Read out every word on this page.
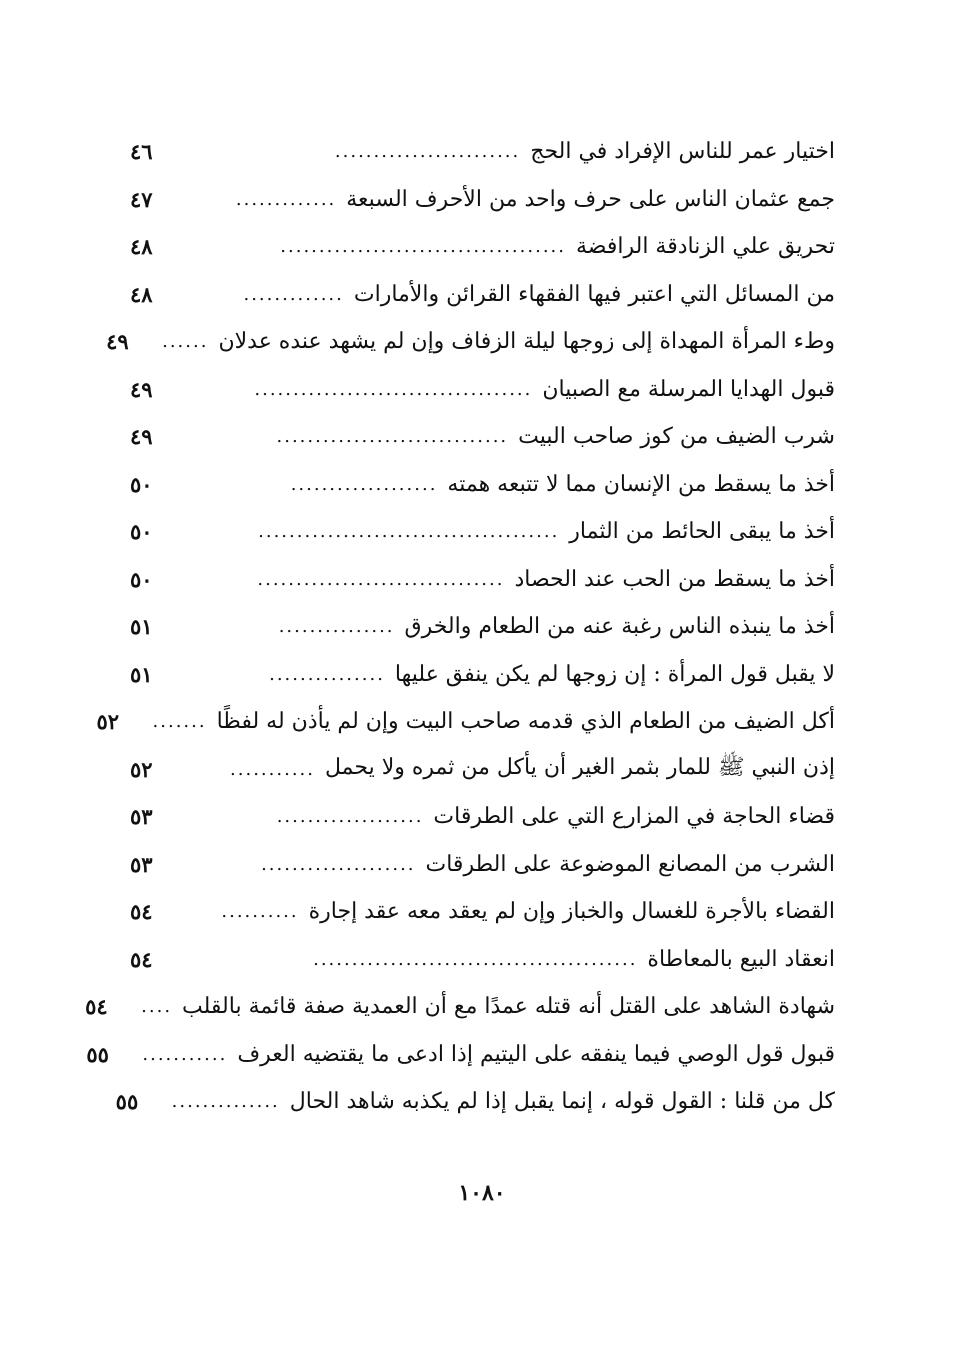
اختيار عمر للناس الإفراد في الحج
........................
٤٦
جمع عثمان الناس على حرف واحد من الأحرف السبعة
.............
٤٧
تحريق علي الزنادقة الرافضة
.....................................
٤٨
من المسائل التي اعتبر فيها الفقهاء القرائن والأمارات
.............
٤٨
وطء المرأة المهداة إلى زوجها ليلة الزفاف وإن لم يشهد عنده عدلان
......
٤٩
قبول الهدايا المرسلة مع الصبيان
....................................
٤٩
شرب الضيف من كوز صاحب البيت
..............................
٤٩
أخذ ما يسقط من الإنسان مما لا تتبعه همته
...................
٥٠
أخذ ما يبقى الحائط من الثمار
.......................................
٥٠
أخذ ما يسقط من الحب عند الحصاد
................................
٥٠
أخذ ما ينبذه الناس رغبة عنه من الطعام والخرق
...............
٥١
لا يقبل قول المرأة : إن زوجها لم يكن ينفق عليها
...............
٥١
أكل الضيف من الطعام الذي قدمه صاحب البيت وإن لم يأذن له لفظًا
.......
٥٢
إذن النبي ﷺ للمار بثمر الغير أن يأكل من ثمره ولا يحمل
...........
٥٢
قضاء الحاجة في المزارع التي على الطرقات
...................
٥٣
الشرب من المصانع الموضوعة على الطرقات
....................
٥٣
القضاء بالأجرة للغسال والخباز وإن لم يعقد معه عقد إجارة
..........
٥٤
انعقاد البيع بالمعاطاة
..........................................
٥٤
شهادة الشاهد على القتل أنه قتله عمدًا مع أن العمدية صفة قائمة بالقلب
....
٥٤
قبول قول الوصي فيما ينفقه على اليتيم إذا ادعى ما يقتضيه العرف
...........
٥٥
كل من قلنا : القول قوله ، إنما يقبل إذا لم يكذبه شاهد الحال
..............
٥٥
١٠٨٠
